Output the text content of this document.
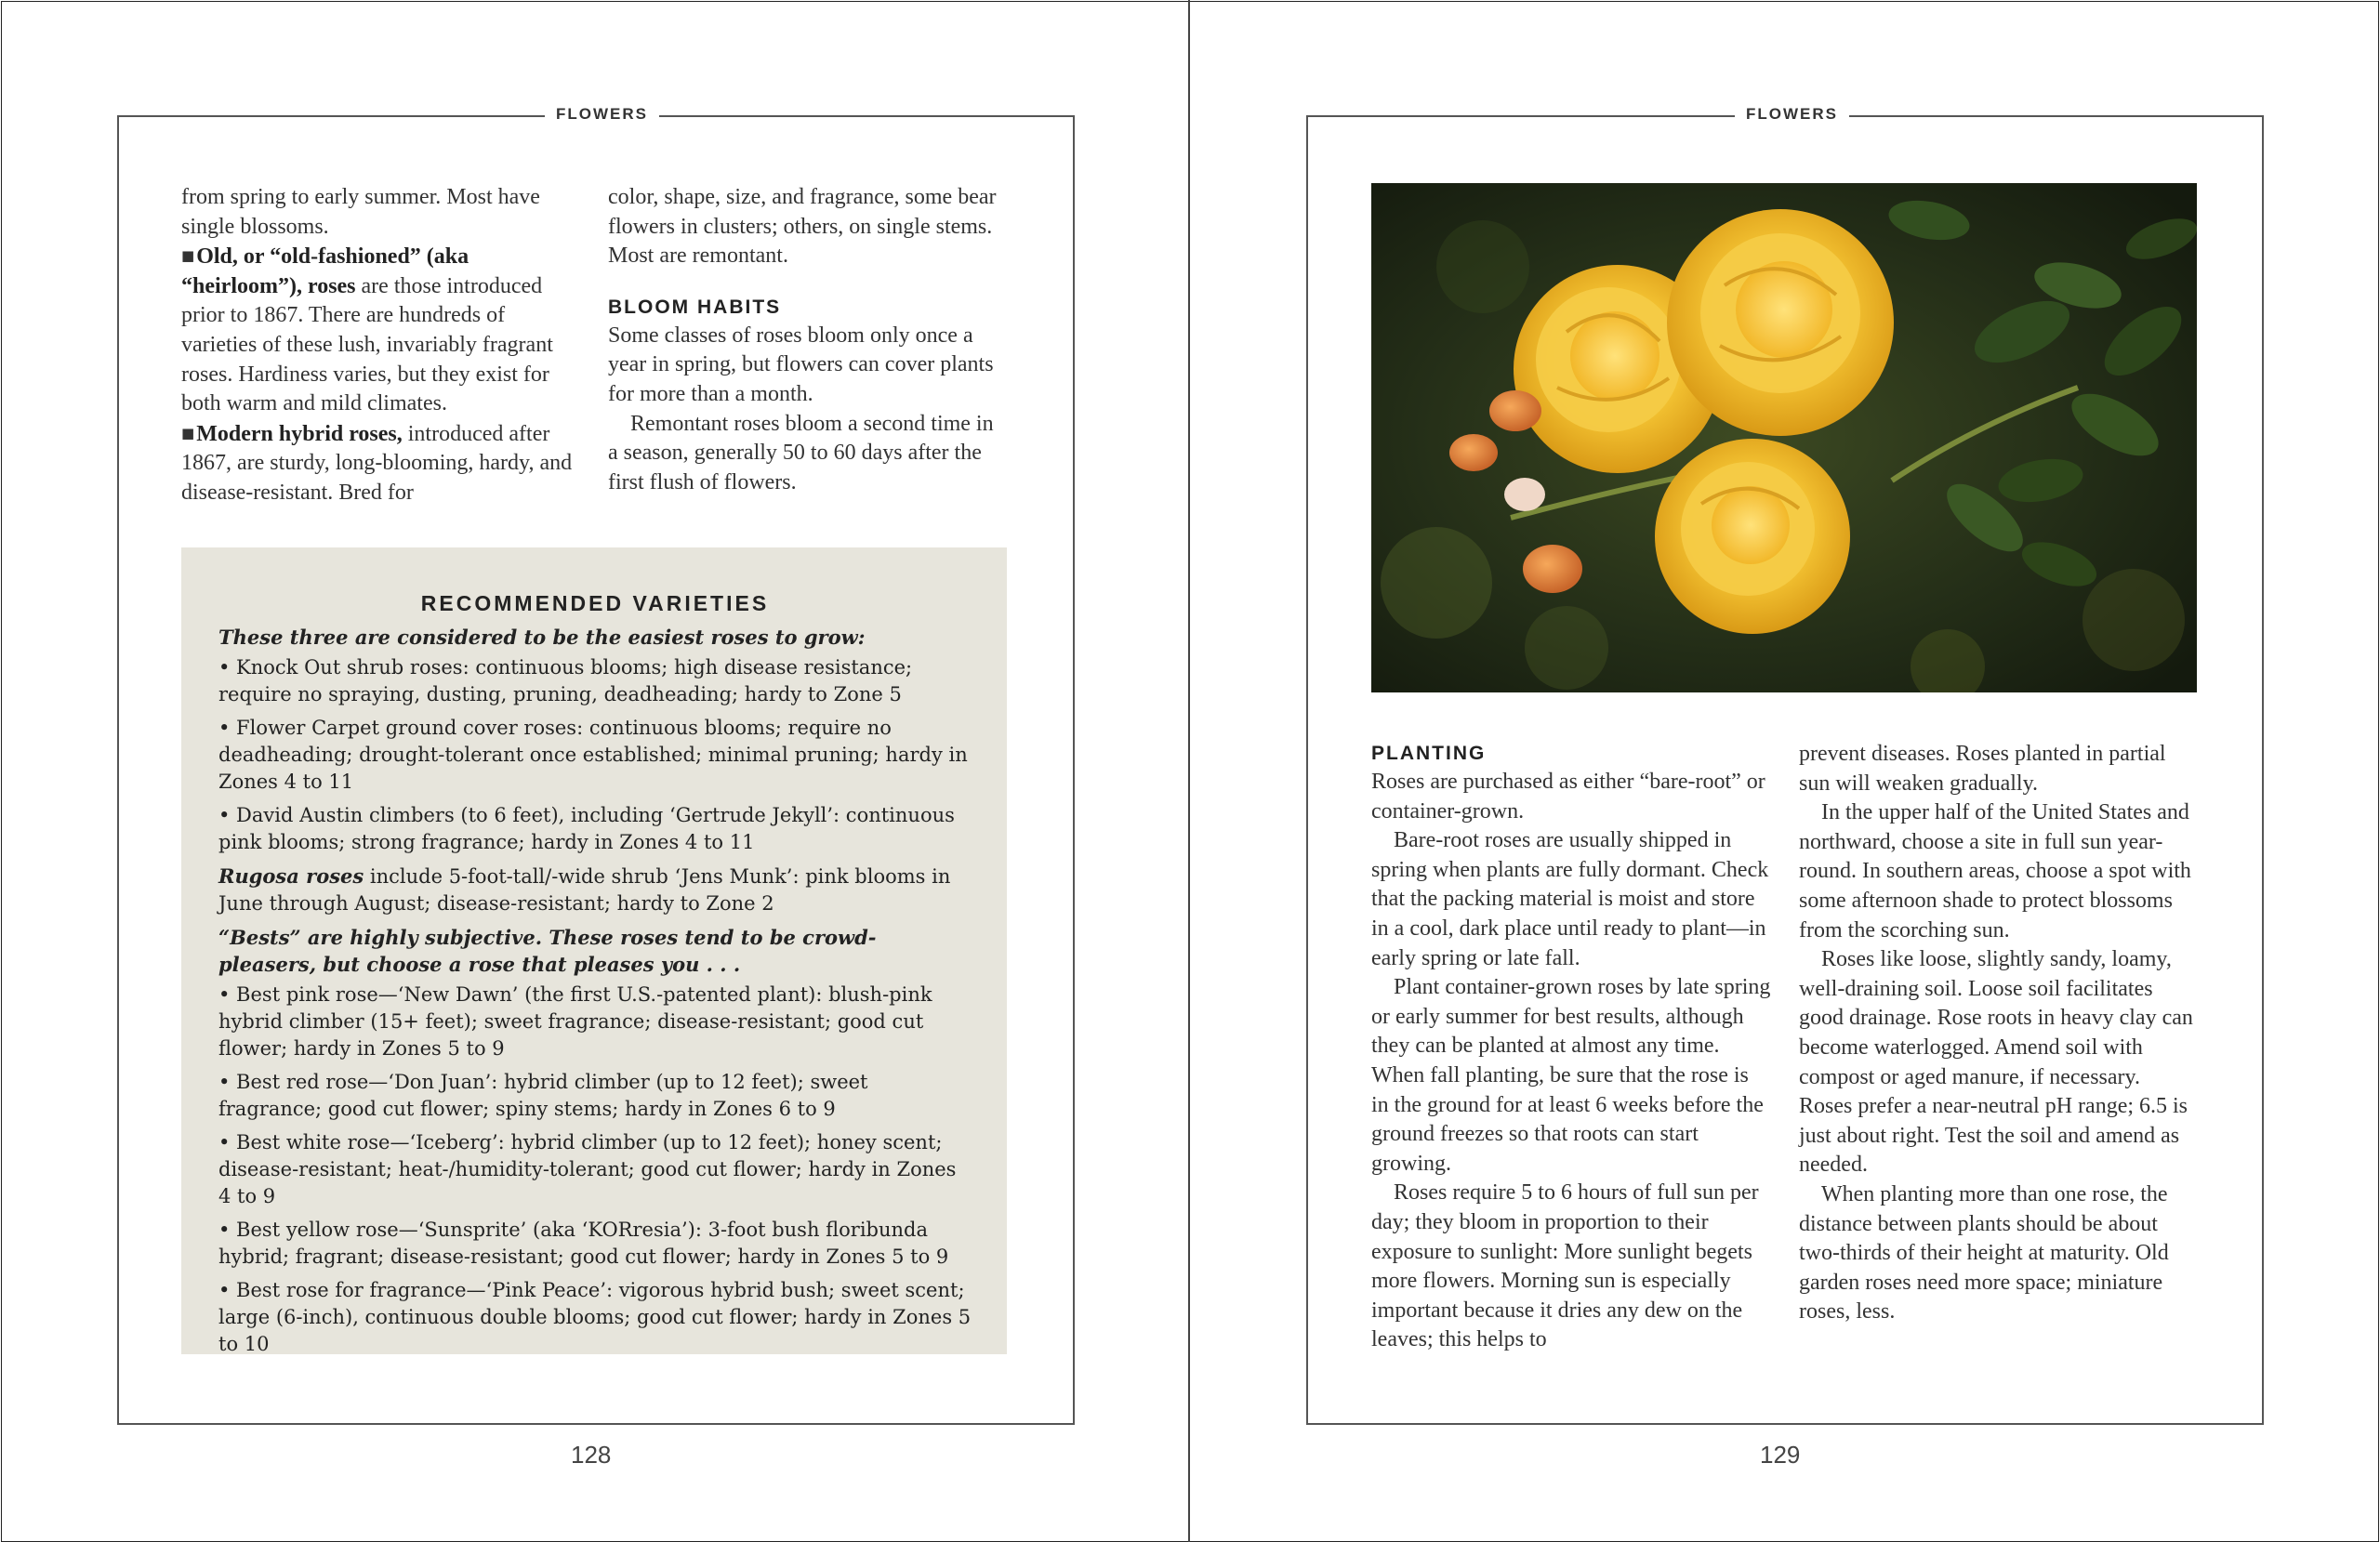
FLOWERS

from spring to early summer. Most have single blossoms.

■Old, or “old-fashioned” (aka “heirloom”), roses are those introduced prior to 1867. There are hundreds of varieties of these lush, invariably fragrant roses. Hardiness varies, but they exist for both warm and mild climates.

■Modern hybrid roses, introduced after 1867, are sturdy, long-blooming, hardy, and disease-resistant. Bred for

color, shape, size, and fragrance, some bear flowers in clusters; others, on single stems. Most are remontant.

BLOOM HABITS

Some classes of roses bloom only once a year in spring, but flowers can cover plants for more than a month.

Remontant roses bloom a second time in a season, generally 50 to 60 days after the first flush of flowers.

RECOMMENDED VARIETIES

These three are considered to be the easiest roses to grow:

• Knock Out shrub roses: continuous blooms; high disease resistance; require no spraying, dusting, pruning, deadheading; hardy to Zone 5

• Flower Carpet ground cover roses: continuous blooms; require no deadheading; drought-tolerant once established; minimal pruning; hardy in Zones 4 to 11

• David Austin climbers (to 6 feet), including ‘Gertrude Jekyll’: continuous pink blooms; strong fragrance; hardy in Zones 4 to 11

Rugosa roses include 5-foot-tall/-wide shrub ‘Jens Munk’: pink blooms in June through August; disease-resistant; hardy to Zone 2

“Bests” are highly subjective. These roses tend to be crowd-pleasers, but choose a rose that pleases you . . .

• Best pink rose—‘New Dawn’ (the first U.S.-patented plant): blush-pink hybrid climber (15+ feet); sweet fragrance; disease-resistant; good cut flower; hardy in Zones 5 to 9

• Best red rose—‘Don Juan’: hybrid climber (up to 12 feet); sweet fragrance; good cut flower; spiny stems; hardy in Zones 6 to 9

• Best white rose—‘Iceberg’: hybrid climber (up to 12 feet); honey scent; disease-resistant; heat-/humidity-tolerant; good cut flower; hardy in Zones 4 to 9

• Best yellow rose—‘Sunsprite’ (aka ‘KORresia’): 3-foot bush floribunda hybrid; fragrant; disease-resistant; good cut flower; hardy in Zones 5 to 9

• Best rose for fragrance—‘Pink Peace’: vigorous hybrid bush; sweet scent; large (6-inch), continuous double blooms; good cut flower; hardy in Zones 5 to 10

128
FLOWERS

PLANTING

Roses are purchased as either “bare-root” or container-grown.

Bare-root roses are usually shipped in spring when plants are fully dormant. Check that the packing material is moist and store in a cool, dark place until ready to plant—in early spring or late fall.

Plant container-grown roses by late spring or early summer for best results, although they can be planted at almost any time. When fall planting, be sure that the rose is in the ground for at least 6 weeks before the ground freezes so that roots can start growing.

Roses require 5 to 6 hours of full sun per day; they bloom in proportion to their exposure to sunlight: More sunlight begets more flowers. Morning sun is especially important because it dries any dew on the leaves; this helps to

prevent diseases. Roses planted in partial sun will weaken gradually.

In the upper half of the United States and northward, choose a site in full sun year-round. In southern areas, choose a spot with some afternoon shade to protect blossoms from the scorching sun.

Roses like loose, slightly sandy, loamy, well-draining soil. Loose soil facilitates good drainage. Rose roots in heavy clay can become waterlogged. Amend soil with compost or aged manure, if necessary. Roses prefer a near-neutral pH range; 6.5 is just about right. Test the soil and amend as needed.

When planting more than one rose, the distance between plants should be about two-thirds of their height at maturity. Old garden roses need more space; miniature roses, less.

129
